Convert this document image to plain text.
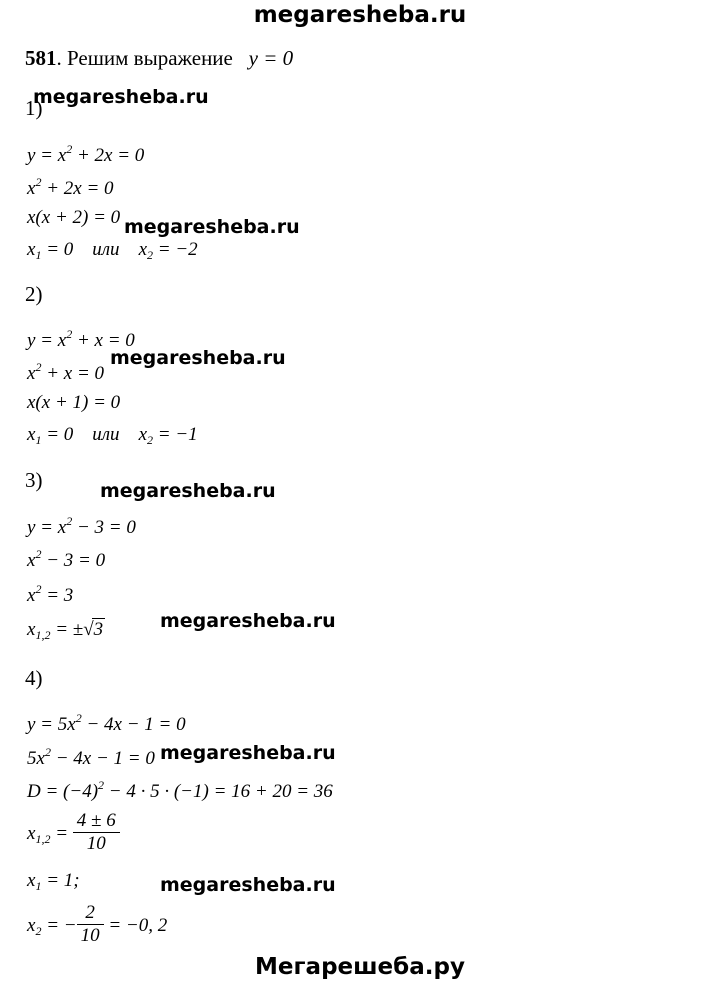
megaresheba.ru
581. Решим выражение y = 0
1)
megaresheba.ru
$y = x^2 + 2x = 0$
$x^2 + 2x = 0$
x(x + 2) = 0 megaresheba.ru
$x_1 = 0$ или $x_2 = -2$
2)
$y = x^2 + x = 0$
megaresheba.ru
$x^2 + x = 0$
x(x + 1) = 0
$x_1 = 0$ или $x_2 = -1$
3)	megaresheba.ru
$y = x^2 - 3 = 0$
$x^2 - 3 = 0$
$x^2 = 3$
$x_{1,2} = \pm√3$	megaresheba.ru
4)
$y = 5x^2 - 4x - 1 = 0$
$5x^2 - 4x - 1 = 0$ megaresheba.ru
$D = (-4)^2 - 4 \cdot 5 \cdot (-1) = 16 + 20 = 36$
$x_{1,2} = \frac{4 \pm 6}{10}$
$x_1 = 1$;	megaresheba.ru
$x_2$ = − $\frac{2}{10} = -0$, 2
Мегарешеба.ру
